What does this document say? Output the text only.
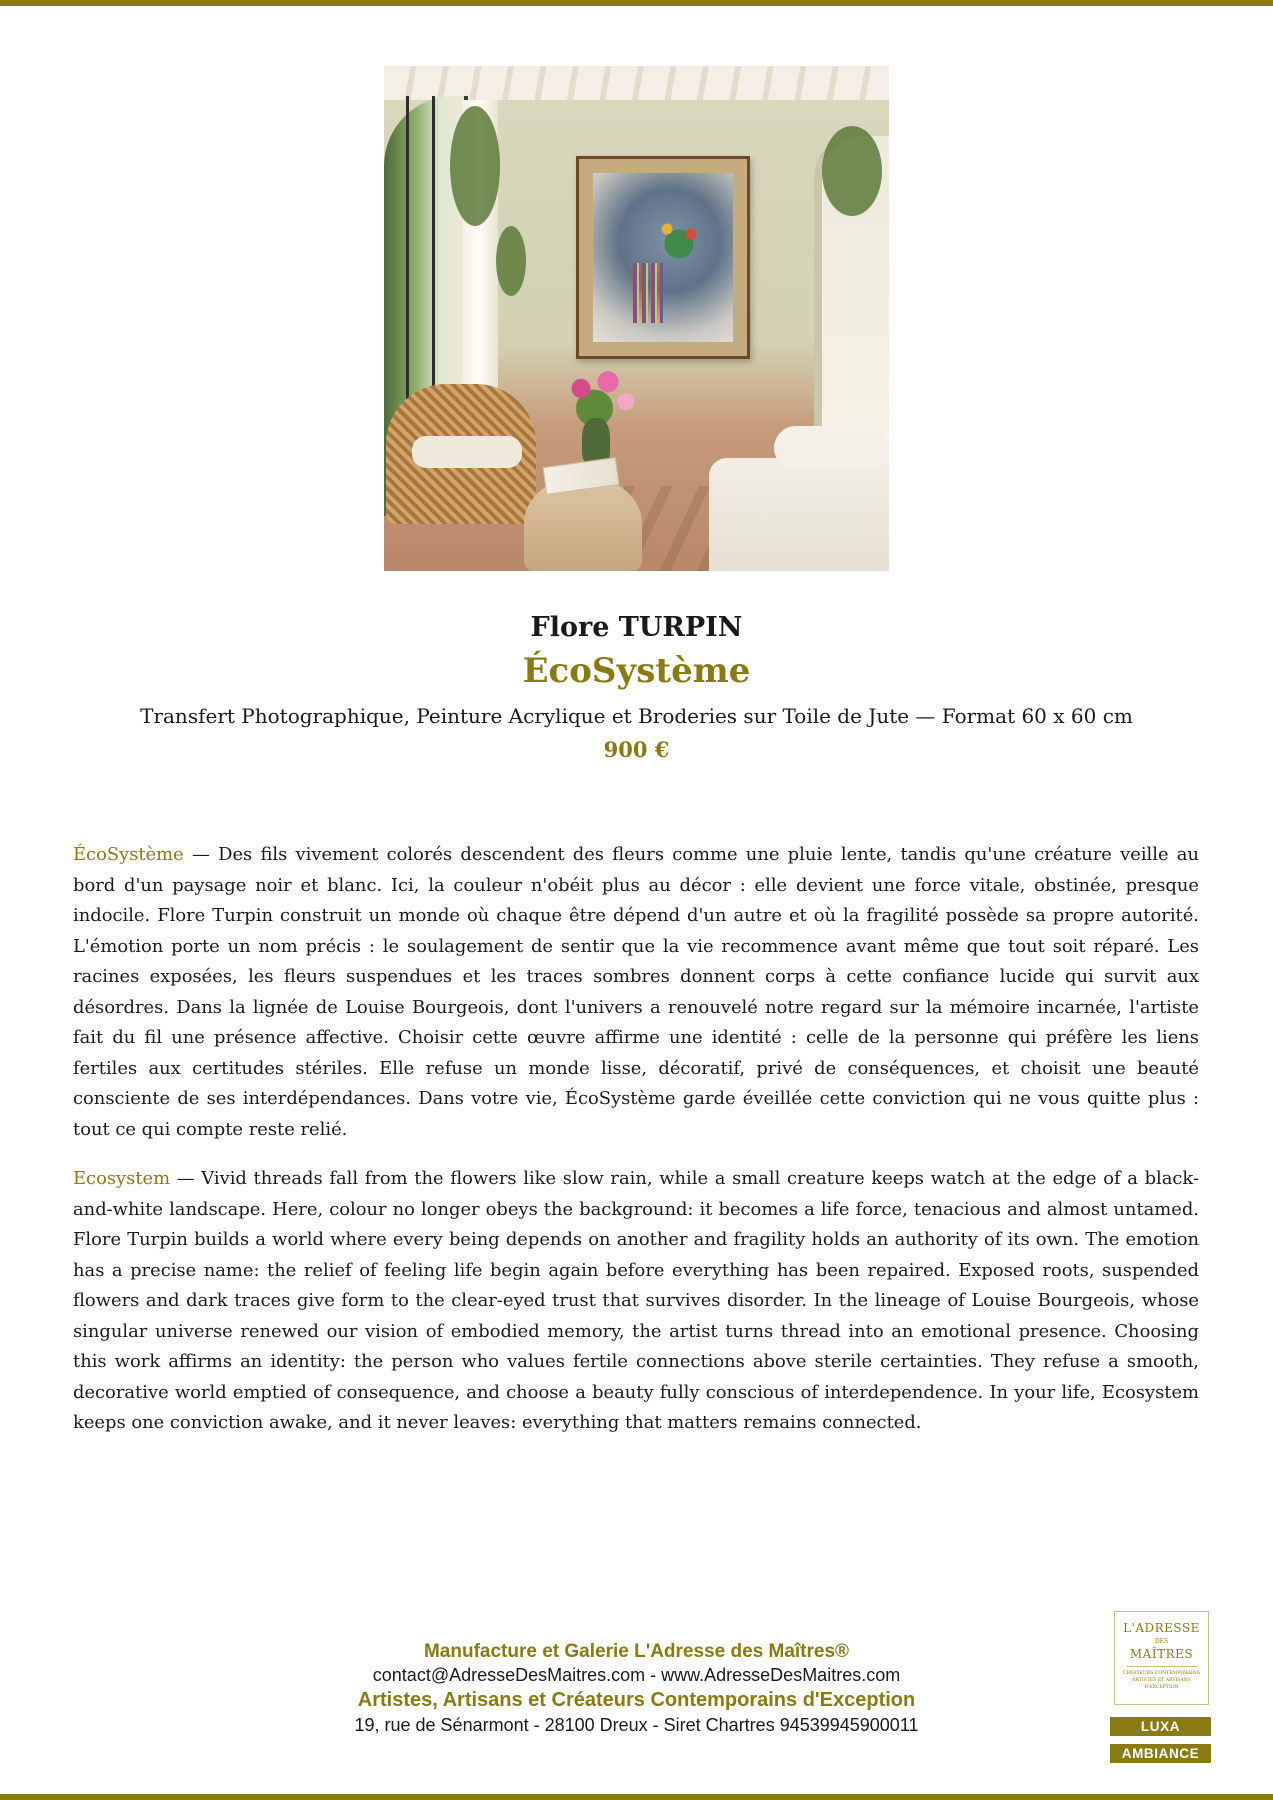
Flore TURPIN
ÉcoSystème
Transfert Photographique, Peinture Acrylique et Broderies sur Toile de Jute — Format 60 x 60 cm
900 €

ÉcoSystème — Des fils vivement colorés descendent des fleurs comme une pluie lente, tandis qu'une créature veille au bord d'un paysage noir et blanc. Ici, la couleur n'obéit plus au décor : elle devient une force vitale, obstinée, presque indocile. Flore Turpin construit un monde où chaque être dépend d'un autre et où la fragilité possède sa propre autorité. L'émotion porte un nom précis : le soulagement de sentir que la vie recommence avant même que tout soit réparé. Les racines exposées, les fleurs suspendues et les traces sombres donnent corps à cette confiance lucide qui survit aux désordres. Dans la lignée de Louise Bourgeois, dont l'univers a renouvelé notre regard sur la mémoire incarnée, l'artiste fait du fil une présence affective. Choisir cette œuvre affirme une identité : celle de la personne qui préfère les liens fertiles aux certitudes stériles. Elle refuse un monde lisse, décoratif, privé de conséquences, et choisit une beauté consciente de ses interdépendances. Dans votre vie, ÉcoSystème garde éveillée cette conviction qui ne vous quitte plus : tout ce qui compte reste relié.

Ecosystem — Vivid threads fall from the flowers like slow rain, while a small creature keeps watch at the edge of a black-and-white landscape. Here, colour no longer obeys the background: it becomes a life force, tenacious and almost untamed. Flore Turpin builds a world where every being depends on another and fragility holds an authority of its own. The emotion has a precise name: the relief of feeling life begin again before everything has been repaired. Exposed roots, suspended flowers and dark traces give form to the clear-eyed trust that survives disorder. In the lineage of Louise Bourgeois, whose singular universe renewed our vision of embodied memory, the artist turns thread into an emotional presence. Choosing this work affirms an identity: the person who values fertile connections above sterile certainties. They refuse a smooth, decorative world emptied of consequence, and choose a beauty fully conscious of interdependence. In your life, Ecosystem keeps one conviction awake, and it never leaves: everything that matters remains connected.

Manufacture et Galerie L'Adresse des Maîtres®
contact@AdresseDesMaitres.com - www.AdresseDesMaitres.com
Artistes, Artisans et Créateurs Contemporains d'Exception
19, rue de Sénarmont - 28100 Dreux - Siret Chartres 94539945900011
L'ADRESSE
DES
MAÎTRES
CRÉATEURS CONTEMPORAINS ARTISTES ET ARTISANS D'EXCEPTION
LUXA
AMBIANCE
